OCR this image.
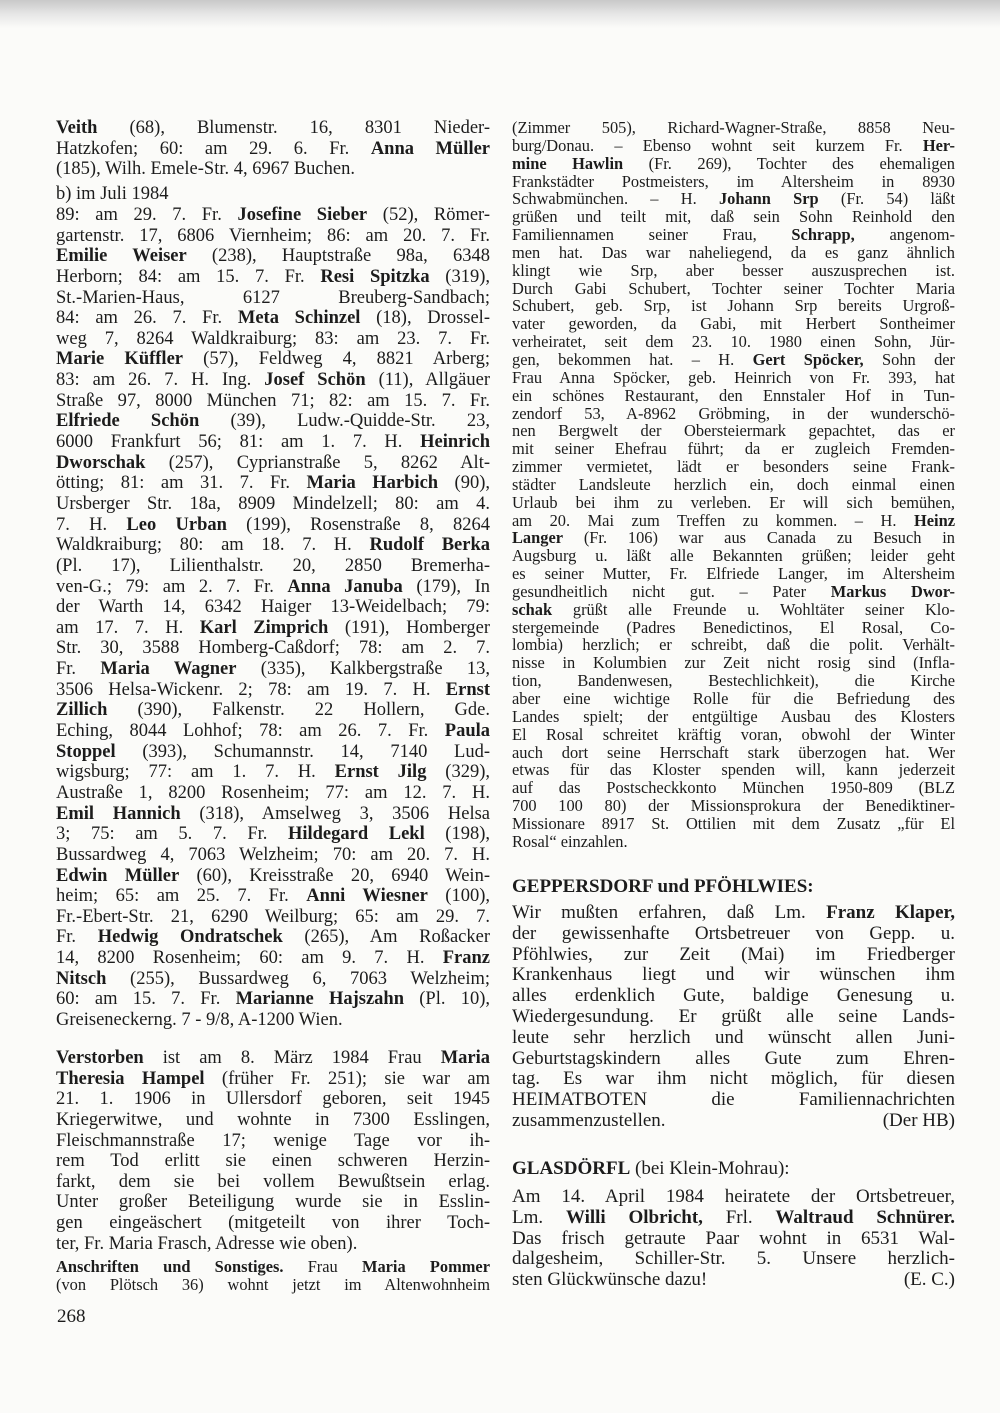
Veith (68), Blumenstr. 16, 8301 Nieder-
Hatzkofen; 60: am 29. 6. Fr. Anna Müller
(185), Wilh. Emele-Str. 4, 6967 Buchen.
b) im Juli 1984
89: am 29. 7. Fr. Josefine Sieber (52), Römer-
gartenstr. 17, 6806 Viernheim; 86: am 20. 7. Fr.
Emilie Weiser (238), Hauptstraße 98a, 6348
Herborn; 84: am 15. 7. Fr. Resi Spitzka (319),
St.-Marien-Haus, 6127 Breuberg-Sandbach;
84: am 26. 7. Fr. Meta Schinzel (18), Drossel-
weg 7, 8264 Waldkraiburg; 83: am 23. 7. Fr.
Marie Küffler (57), Feldweg 4, 8821 Arberg;
83: am 26. 7. H. Ing. Josef Schön (11), Allgäuer
Straße 97, 8000 München 71; 82: am 15. 7. Fr.
Elfriede Schön (39), Ludw.-Quidde-Str. 23,
6000 Frankfurt 56; 81: am 1. 7. H. Heinrich
Dworschak (257), Cyprianstraße 5, 8262 Alt-
ötting; 81: am 31. 7. Fr. Maria Harbich (90),
Ursberger Str. 18a, 8909 Mindelzell; 80: am 4.
7. H. Leo Urban (199), Rosenstraße 8, 8264
Waldkraiburg; 80: am 18. 7. H. Rudolf Berka
(Pl. 17), Lilienthalstr. 20, 2850 Bremerha-
ven-G.; 79: am 2. 7. Fr. Anna Januba (179), In
der Warth 14, 6342 Haiger 13-Weidelbach; 79:
am 17. 7. H. Karl Zimprich (191), Homberger
Str. 30, 3588 Homberg-Caßdorf; 78: am 2. 7.
Fr. Maria Wagner (335), Kalkbergstraße 13,
3506 Helsa-Wickenr. 2; 78: am 19. 7. H. Ernst
Zillich (390), Falkenstr. 22 Hollern, Gde.
Eching, 8044 Lohhof; 78: am 26. 7. Fr. Paula
Stoppel (393), Schumannstr. 14, 7140 Lud-
wigsburg; 77: am 1. 7. H. Ernst Jilg (329),
Austraße 1, 8200 Rosenheim; 77: am 12. 7. H.
Emil Hannich (318), Amselweg 3, 3506 Helsa
3; 75: am 5. 7. Fr. Hildegard Lekl (198),
Bussardweg 4, 7063 Welzheim; 70: am 20. 7. H.
Edwin Müller (60), Kreisstraße 20, 6940 Wein-
heim; 65: am 25. 7. Fr. Anni Wiesner (100),
Fr.-Ebert-Str. 21, 6290 Weilburg; 65: am 29. 7.
Fr. Hedwig Ondratschek (265), Am Roßacker
14, 8200 Rosenheim; 60: am 9. 7. H. Franz
Nitsch (255), Bussardweg 6, 7063 Welzheim;
60: am 15. 7. Fr. Marianne Hajszahn (Pl. 10),
Greiseneckerng. 7 - 9/8, A-1200 Wien.
Verstorben ist am 8. März 1984 Frau Maria
Theresia Hampel (früher Fr. 251); sie war am
21. 1. 1906 in Ullersdorf geboren, seit 1945
Kriegerwitwe, und wohnte in 7300 Esslingen,
Fleischmannstraße 17; wenige Tage vor ih-
rem Tod erlitt sie einen schweren Herzin-
farkt, dem sie bei vollem Bewußtsein erlag.
Unter großer Beteiligung wurde sie in Esslin-
gen eingeäschert (mitgeteilt von ihrer Toch-
ter, Fr. Maria Frasch, Adresse wie oben).
Anschriften und Sonstiges. Frau Maria Pommer
(von Plötsch 36) wohnt jetzt im Altenwohnheim
(Zimmer 505), Richard-Wagner-Straße, 8858 Neu-
burg/Donau. – Ebenso wohnt seit kurzem Fr. Her-
mine Hawlin (Fr. 269), Tochter des ehemaligen
Frankstädter Postmeisters, im Altersheim in 8930
Schwabmünchen. – H. Johann Srp (Fr. 54) läßt
grüßen und teilt mit, daß sein Sohn Reinhold den
Familiennamen seiner Frau, Schrapp, angenom-
men hat. Das war naheliegend, da es ganz ähnlich
klingt wie Srp, aber besser auszusprechen ist.
Durch Gabi Schubert, Tochter seiner Tochter Maria
Schubert, geb. Srp, ist Johann Srp bereits Urgroß-
vater geworden, da Gabi, mit Herbert Sontheimer
verheiratet, seit dem 23. 10. 1980 einen Sohn, Jür-
gen, bekommen hat. – H. Gert Spöcker, Sohn der
Frau Anna Spöcker, geb. Heinrich von Fr. 393, hat
ein schönes Restaurant, den Ennstaler Hof in Tun-
zendorf 53, A-8962 Gröbming, in der wunderschö-
nen Bergwelt der Obersteiermark gepachtet, das er
mit seiner Ehefrau führt; da er zugleich Fremden-
zimmer vermietet, lädt er besonders seine Frank-
städter Landsleute herzlich ein, doch einmal einen
Urlaub bei ihm zu verleben. Er will sich bemühen,
am 20. Mai zum Treffen zu kommen. – H. Heinz
Langer (Fr. 106) war aus Canada zu Besuch in
Augsburg u. läßt alle Bekannten grüßen; leider geht
es seiner Mutter, Fr. Elfriede Langer, im Altersheim
gesundheitlich nicht gut. – Pater Markus Dwor-
schak grüßt alle Freunde u. Wohltäter seiner Klo-
stergemeinde (Padres Benedictinos, El Rosal, Co-
lombia) herzlich; er schreibt, daß die polit. Verhält-
nisse in Kolumbien zur Zeit nicht rosig sind (Infla-
tion, Bandenwesen, Bestechlichkeit), die Kirche
aber eine wichtige Rolle für die Befriedung des
Landes spielt; der entgültige Ausbau des Klosters
El Rosal schreitet kräftig voran, obwohl der Winter
auch dort seine Herrschaft stark überzogen hat. Wer
etwas für das Kloster spenden will, kann jederzeit
auf das Postscheckkonto München 1950-809 (BLZ
700 100 80) der Missionsprokura der Benediktiner-
Missionare 8917 St. Ottilien mit dem Zusatz „für El
Rosal“ einzahlen.
GEPPERSDORF und PFÖHLWIES:
Wir mußten erfahren, daß Lm. Franz Klaper,
der gewissenhafte Ortsbetreuer von Gepp. u.
Pföhlwies, zur Zeit (Mai) im Friedberger
Krankenhaus liegt und wir wünschen ihm
alles erdenklich Gute, baldige Genesung u.
Wiedergesundung. Er grüßt alle seine Lands-
leute sehr herzlich und wünscht allen Juni-
Geburtstagskindern alles Gute zum Ehren-
tag. Es war ihm nicht möglich, für diesen
HEIMATBOTEN die Familiennachrichten
(Der HB)
zusammenzustellen.
GLASDÖRFL (bei Klein-Mohrau):
Am 14. April 1984 heiratete der Ortsbetreuer,
Lm. Willi Olbricht, Frl. Waltraud Schnürer.
Das frisch getraute Paar wohnt in 6531 Wal-
dalgesheim, Schiller-Str. 5. Unsere herzlich-
(E. C.)
sten Glückwünsche dazu!
268
